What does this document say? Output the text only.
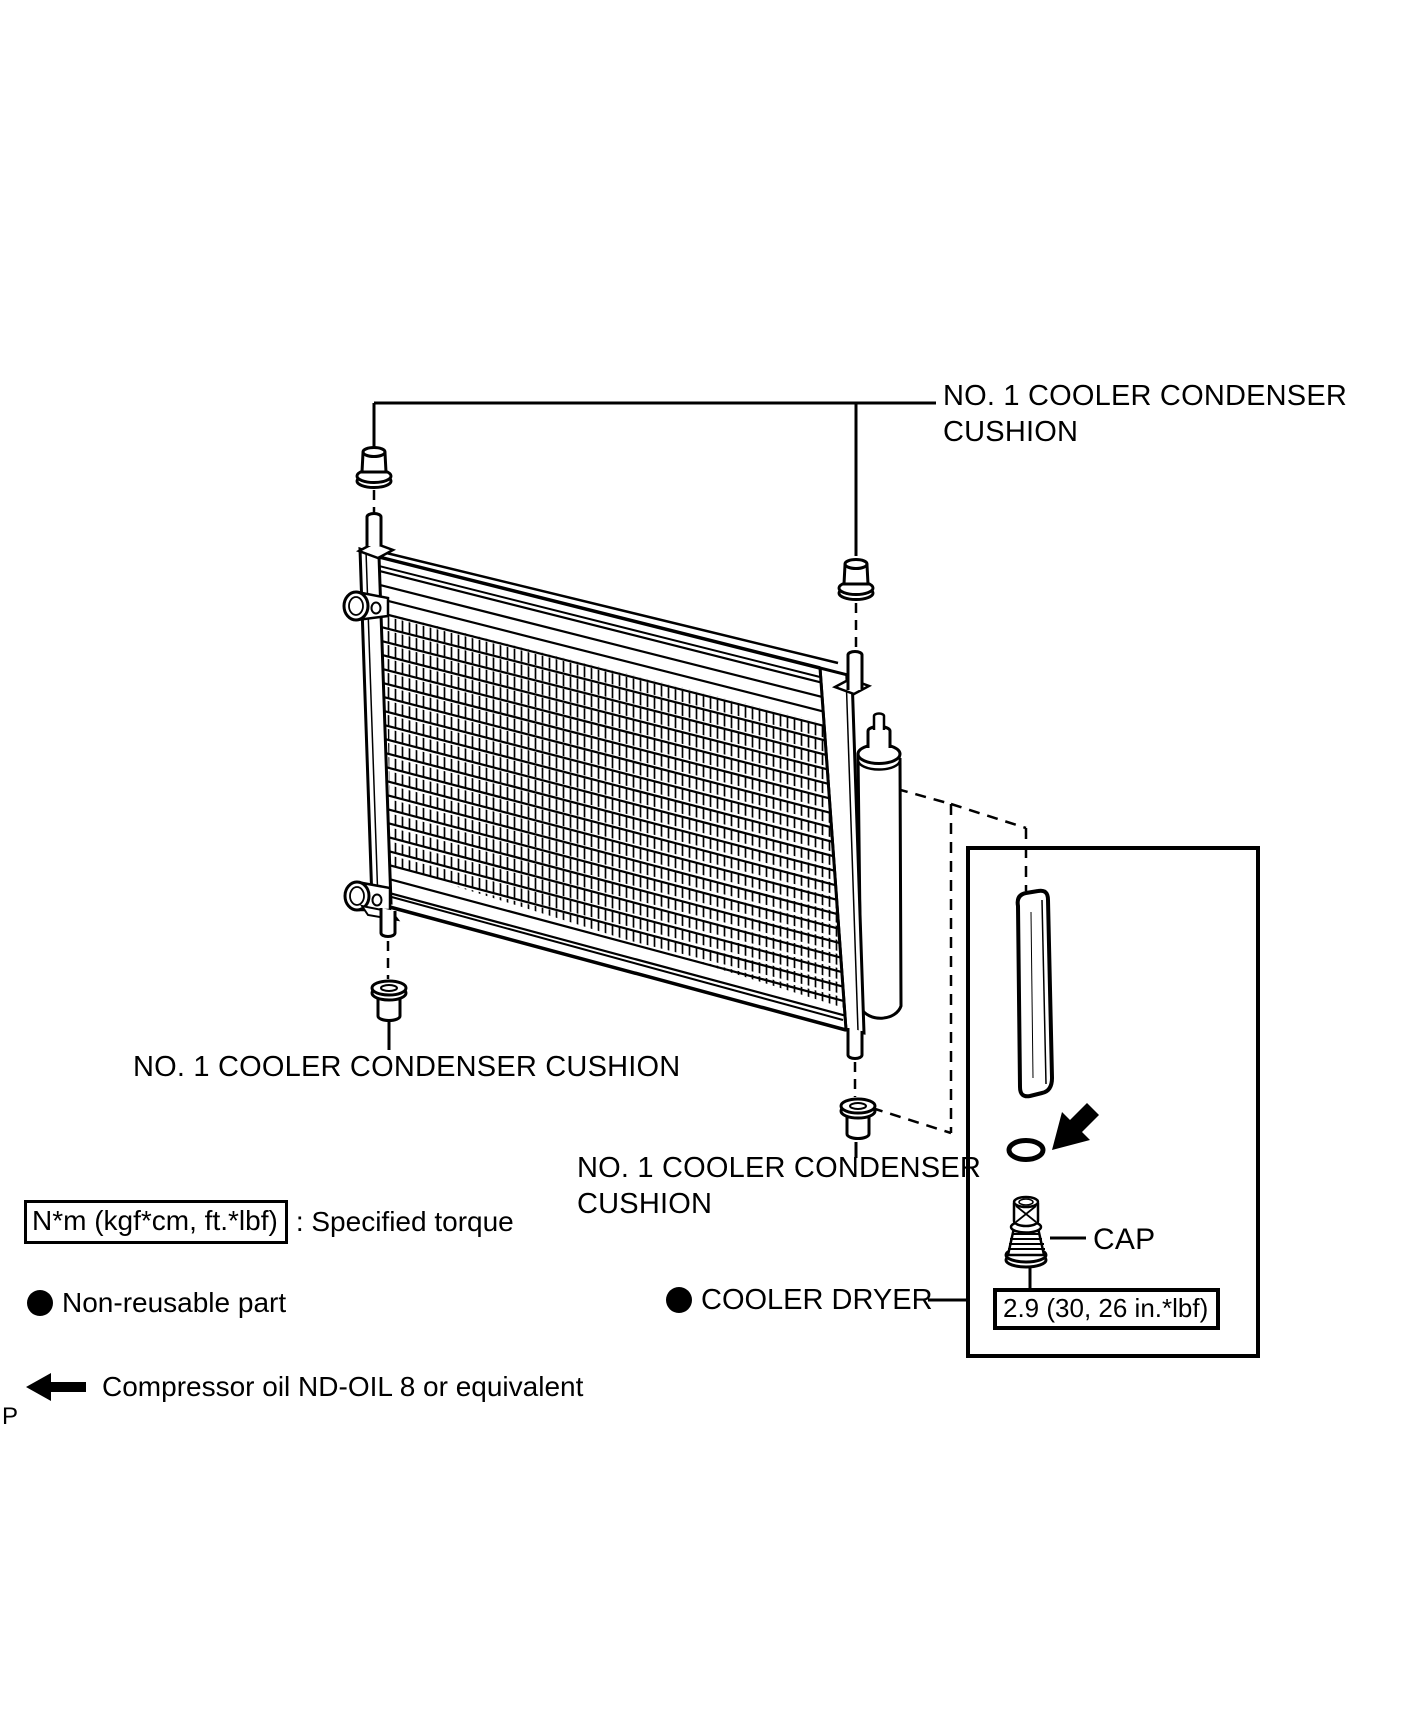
NO. 1 COOLER CONDENSER CUSHION
NO. 1 COOLER CONDENSER CUSHION
NO. 1 COOLER CONDENSER CUSHION
N*m (kgf*cm, ft.*lbf) : Specified torque
Non-reusable part
Compressor oil ND-OIL 8 or equivalent
COOLER DRYER
CAP
2.9 (30, 26 in.*lbf)
P
